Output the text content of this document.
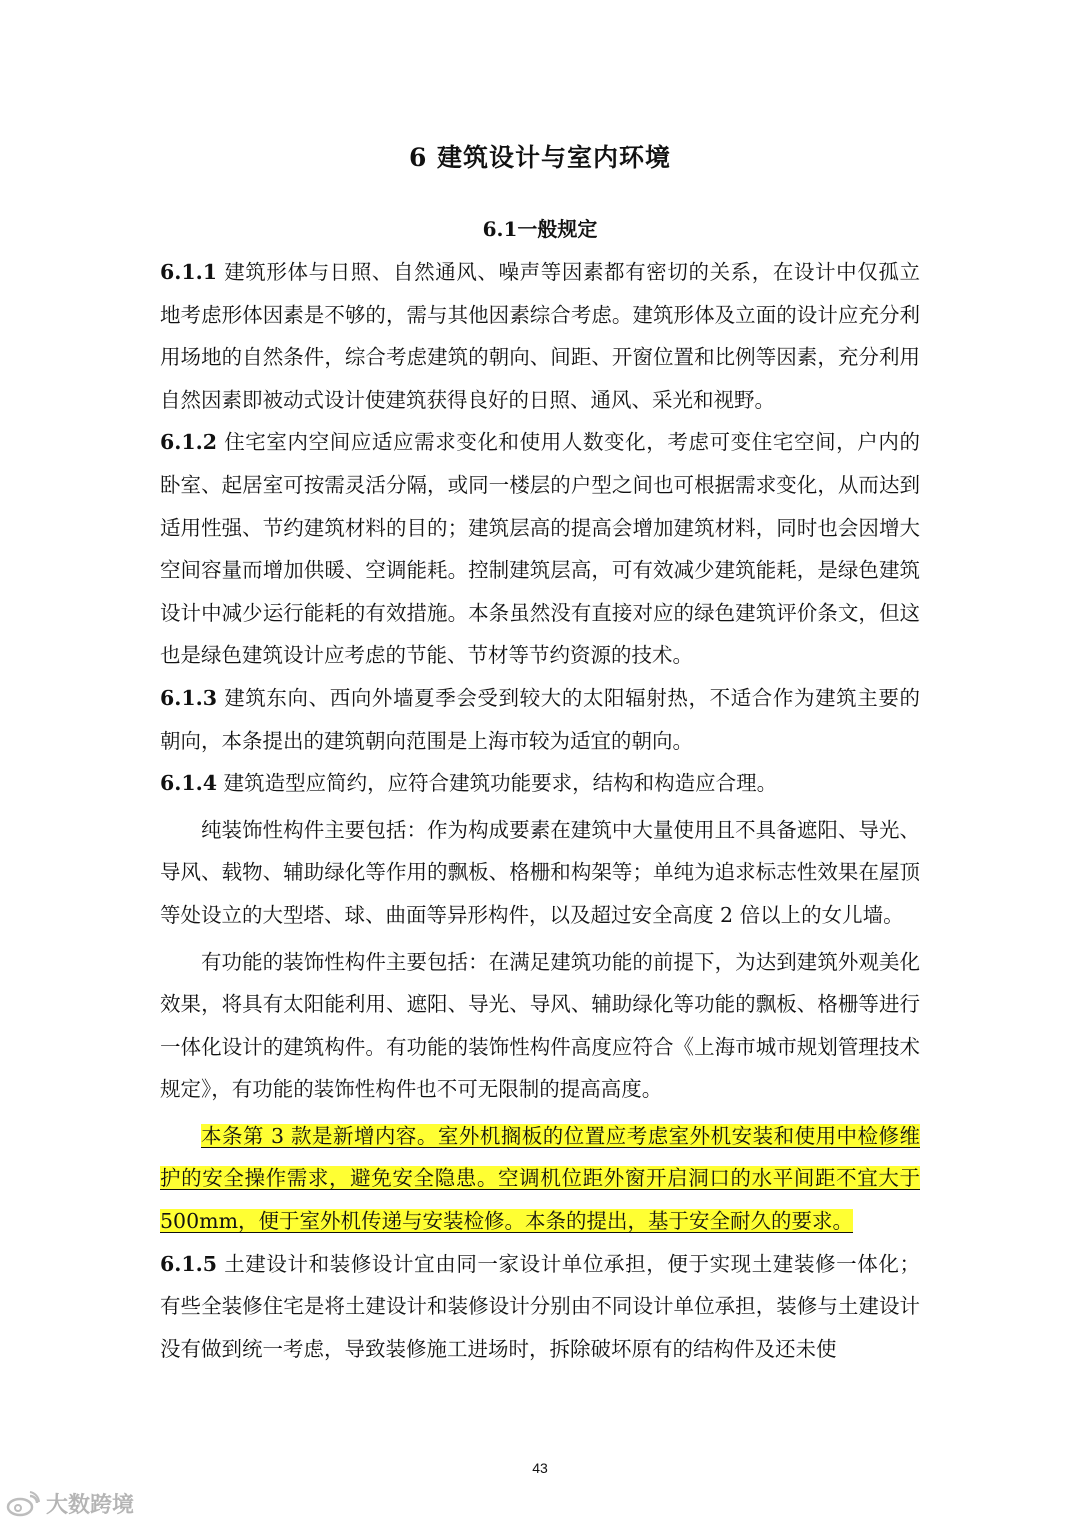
6 建筑设计与室内环境
6.1一般规定

6.1.1 建筑形体与日照、自然通风、噪声等因素都有密切的关系，在设计中仅孤立地考虑形体因素是不够的，需与其他因素综合考虑。建筑形体及立面的设计应充分利用场地的自然条件，综合考虑建筑的朝向、间距、开窗位置和比例等因素，充分利用自然因素即被动式设计使建筑获得良好的日照、通风、采光和视野。

6.1.2 住宅室内空间应适应需求变化和使用人数变化，考虑可变住宅空间，户内的卧室、起居室可按需灵活分隔，或同一楼层的户型之间也可根据需求变化，从而达到适用性强、节约建筑材料的目的；建筑层高的提高会增加建筑材料，同时也会因增大空间容量而增加供暖、空调能耗。控制建筑层高，可有效减少建筑能耗，是绿色建筑设计中减少运行能耗的有效措施。本条虽然没有直接对应的绿色建筑评价条文，但这也是绿色建筑设计应考虑的节能、节材等节约资源的技术。

6.1.3 建筑东向、西向外墙夏季会受到较大的太阳辐射热，不适合作为建筑主要的朝向，本条提出的建筑朝向范围是上海市较为适宜的朝向。

6.1.4 建筑造型应简约，应符合建筑功能要求，结构和构造应合理。

纯装饰性构件主要包括：作为构成要素在建筑中大量使用且不具备遮阳、导光、导风、载物、辅助绿化等作用的飘板、格栅和构架等；单纯为追求标志性效果在屋顶等处设立的大型塔、球、曲面等异形构件，以及超过安全高度 2 倍以上的女儿墙。

有功能的装饰性构件主要包括：在满足建筑功能的前提下，为达到建筑外观美化效果，将具有太阳能利用、遮阳、导光、导风、辅助绿化等功能的飘板、格栅等进行一体化设计的建筑构件。有功能的装饰性构件高度应符合《上海市城市规划管理技术规定》，有功能的装饰性构件也不可无限制的提高高度。

本条第 3 款是新增内容。室外机搁板的位置应考虑室外机安装和使用中检修维护的安全操作需求，避免安全隐患。空调机位距外窗开启洞口的水平间距不宜大于 500mm，便于室外机传递与安装检修。本条的提出，基于安全耐久的要求。

6.1.5 土建设计和装修设计宜由同一家设计单位承担，便于实现土建装修一体化；有些全装修住宅是将土建设计和装修设计分别由不同设计单位承担，装修与土建设计没有做到统一考虑，导致装修施工进场时，拆除破坏原有的结构件及还未使

43
大数跨境
